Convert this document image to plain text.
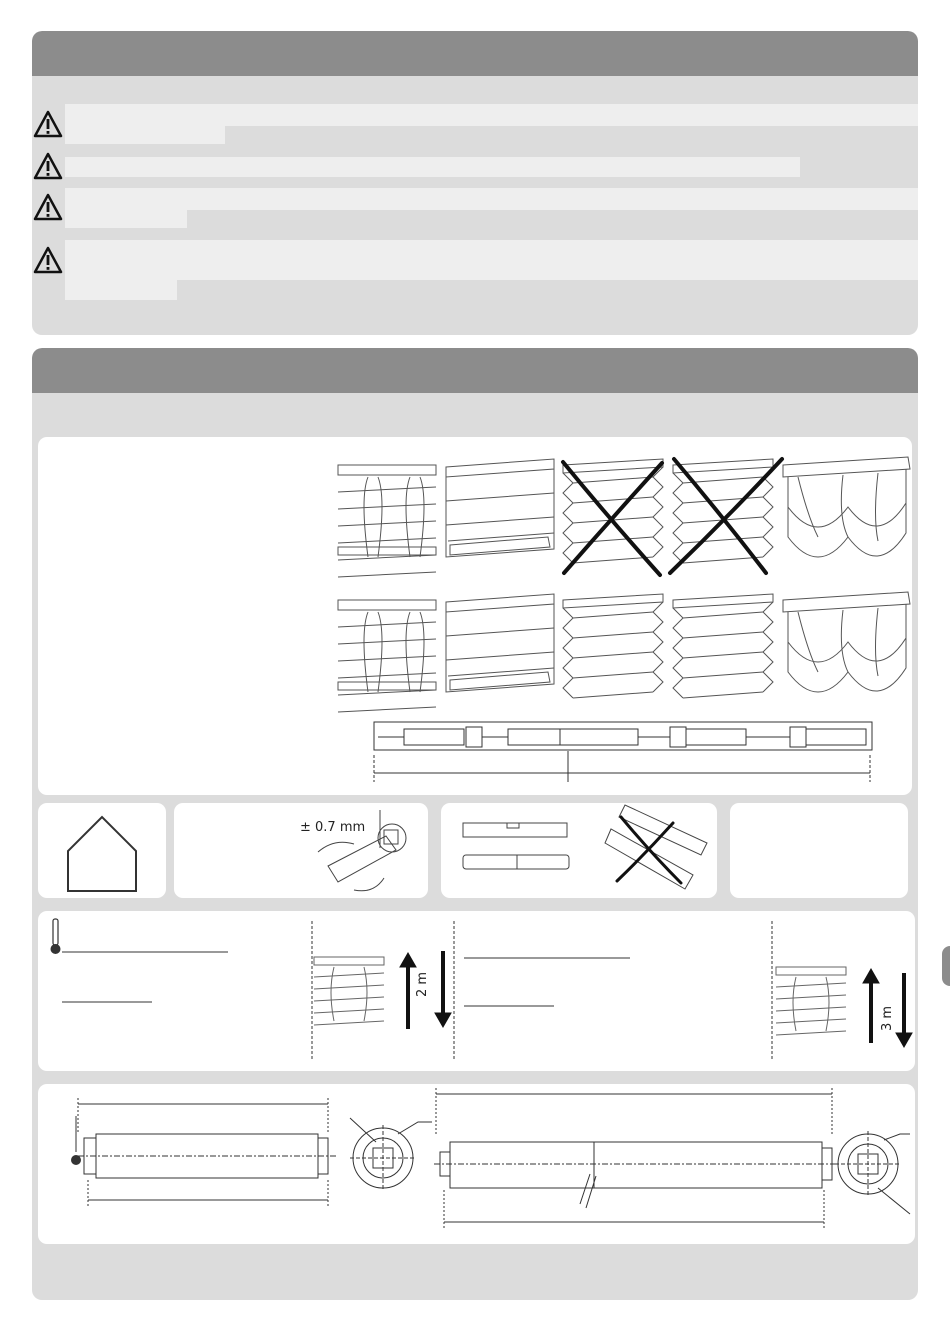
± 0.7 mm
2 m
3 m
